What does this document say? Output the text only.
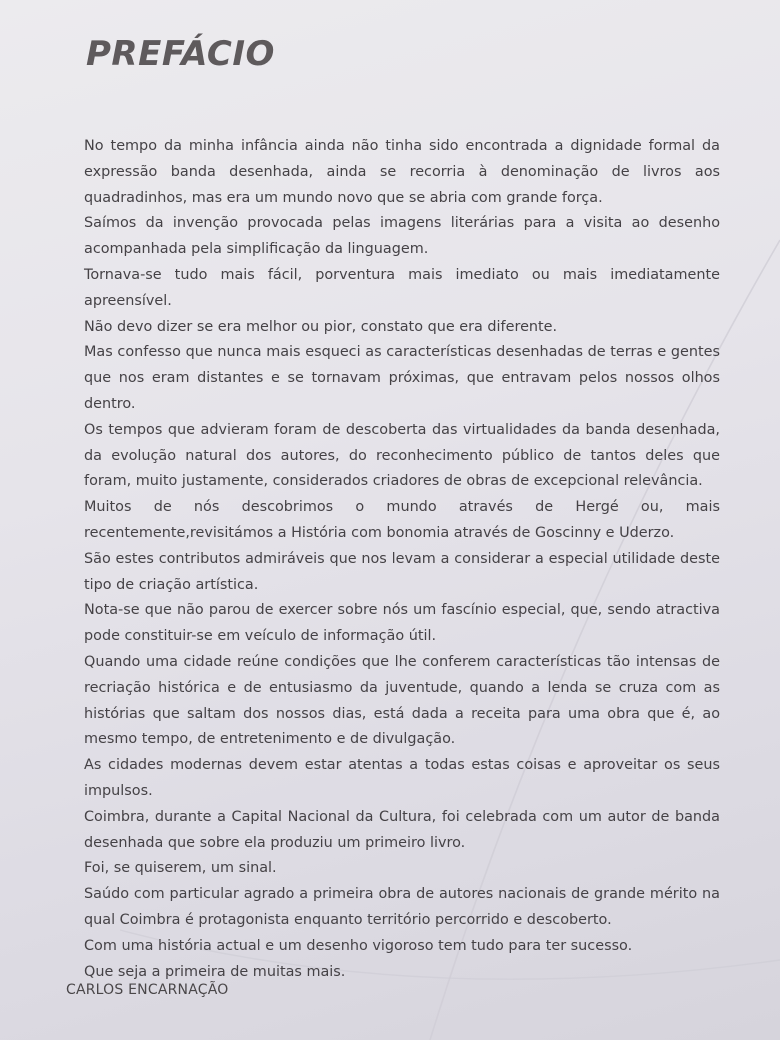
PREFÁCIO

No tempo da minha infância ainda não tinha sido encontrada a dignidade formal da expressão banda desenhada, ainda se recorria à denominação de livros aos quadradinhos, mas era um mundo novo que se abria com grande força.

Saímos da invenção provocada pelas imagens literárias para a visita ao desenho acompanhada pela simplificação da linguagem.

Tornava-se tudo mais fácil, porventura mais imediato ou mais imediatamente apreensível.

Não devo dizer se era melhor ou pior, constato que era diferente.

Mas confesso que nunca mais esqueci as características desenhadas de terras e gentes que nos eram distantes e se tornavam próximas, que entravam pelos nossos olhos dentro.

Os tempos que advieram foram de descoberta das virtualidades da banda desenhada, da evolução natural dos autores, do reconhecimento público de tantos deles que foram, muito justamente, considerados criadores de obras de excepcional relevância.

Muitos de nós descobrimos o mundo através de Hergé ou, mais recentemente,revisitámos a História com bonomia através de Goscinny e Uderzo.

São estes contributos admiráveis que nos levam a considerar a especial utilidade deste tipo de criação artística.

Nota-se que não parou de exercer sobre nós um fascínio especial, que, sendo atractiva pode constituir-se em veículo de informação útil.

Quando uma cidade reúne condições que lhe conferem características tão intensas de recriação histórica e de entusiasmo da juventude, quando a lenda se cruza com as histórias que saltam dos nossos dias, está dada a receita para uma obra que é, ao mesmo tempo, de entretenimento e de divulgação.

As cidades modernas devem estar atentas a todas estas coisas e aproveitar os seus impulsos.

Coimbra, durante a Capital Nacional da Cultura, foi celebrada com um autor de banda desenhada que sobre ela produziu um primeiro livro.

Foi, se quiserem, um sinal.

Saúdo com particular agrado a primeira obra de autores nacionais de grande mérito na qual Coimbra é protagonista enquanto território percorrido e descoberto.

Com uma história actual e um desenho vigoroso tem tudo para ter sucesso.

Que seja a primeira de muitas mais.

CARLOS ENCARNAÇÃO
